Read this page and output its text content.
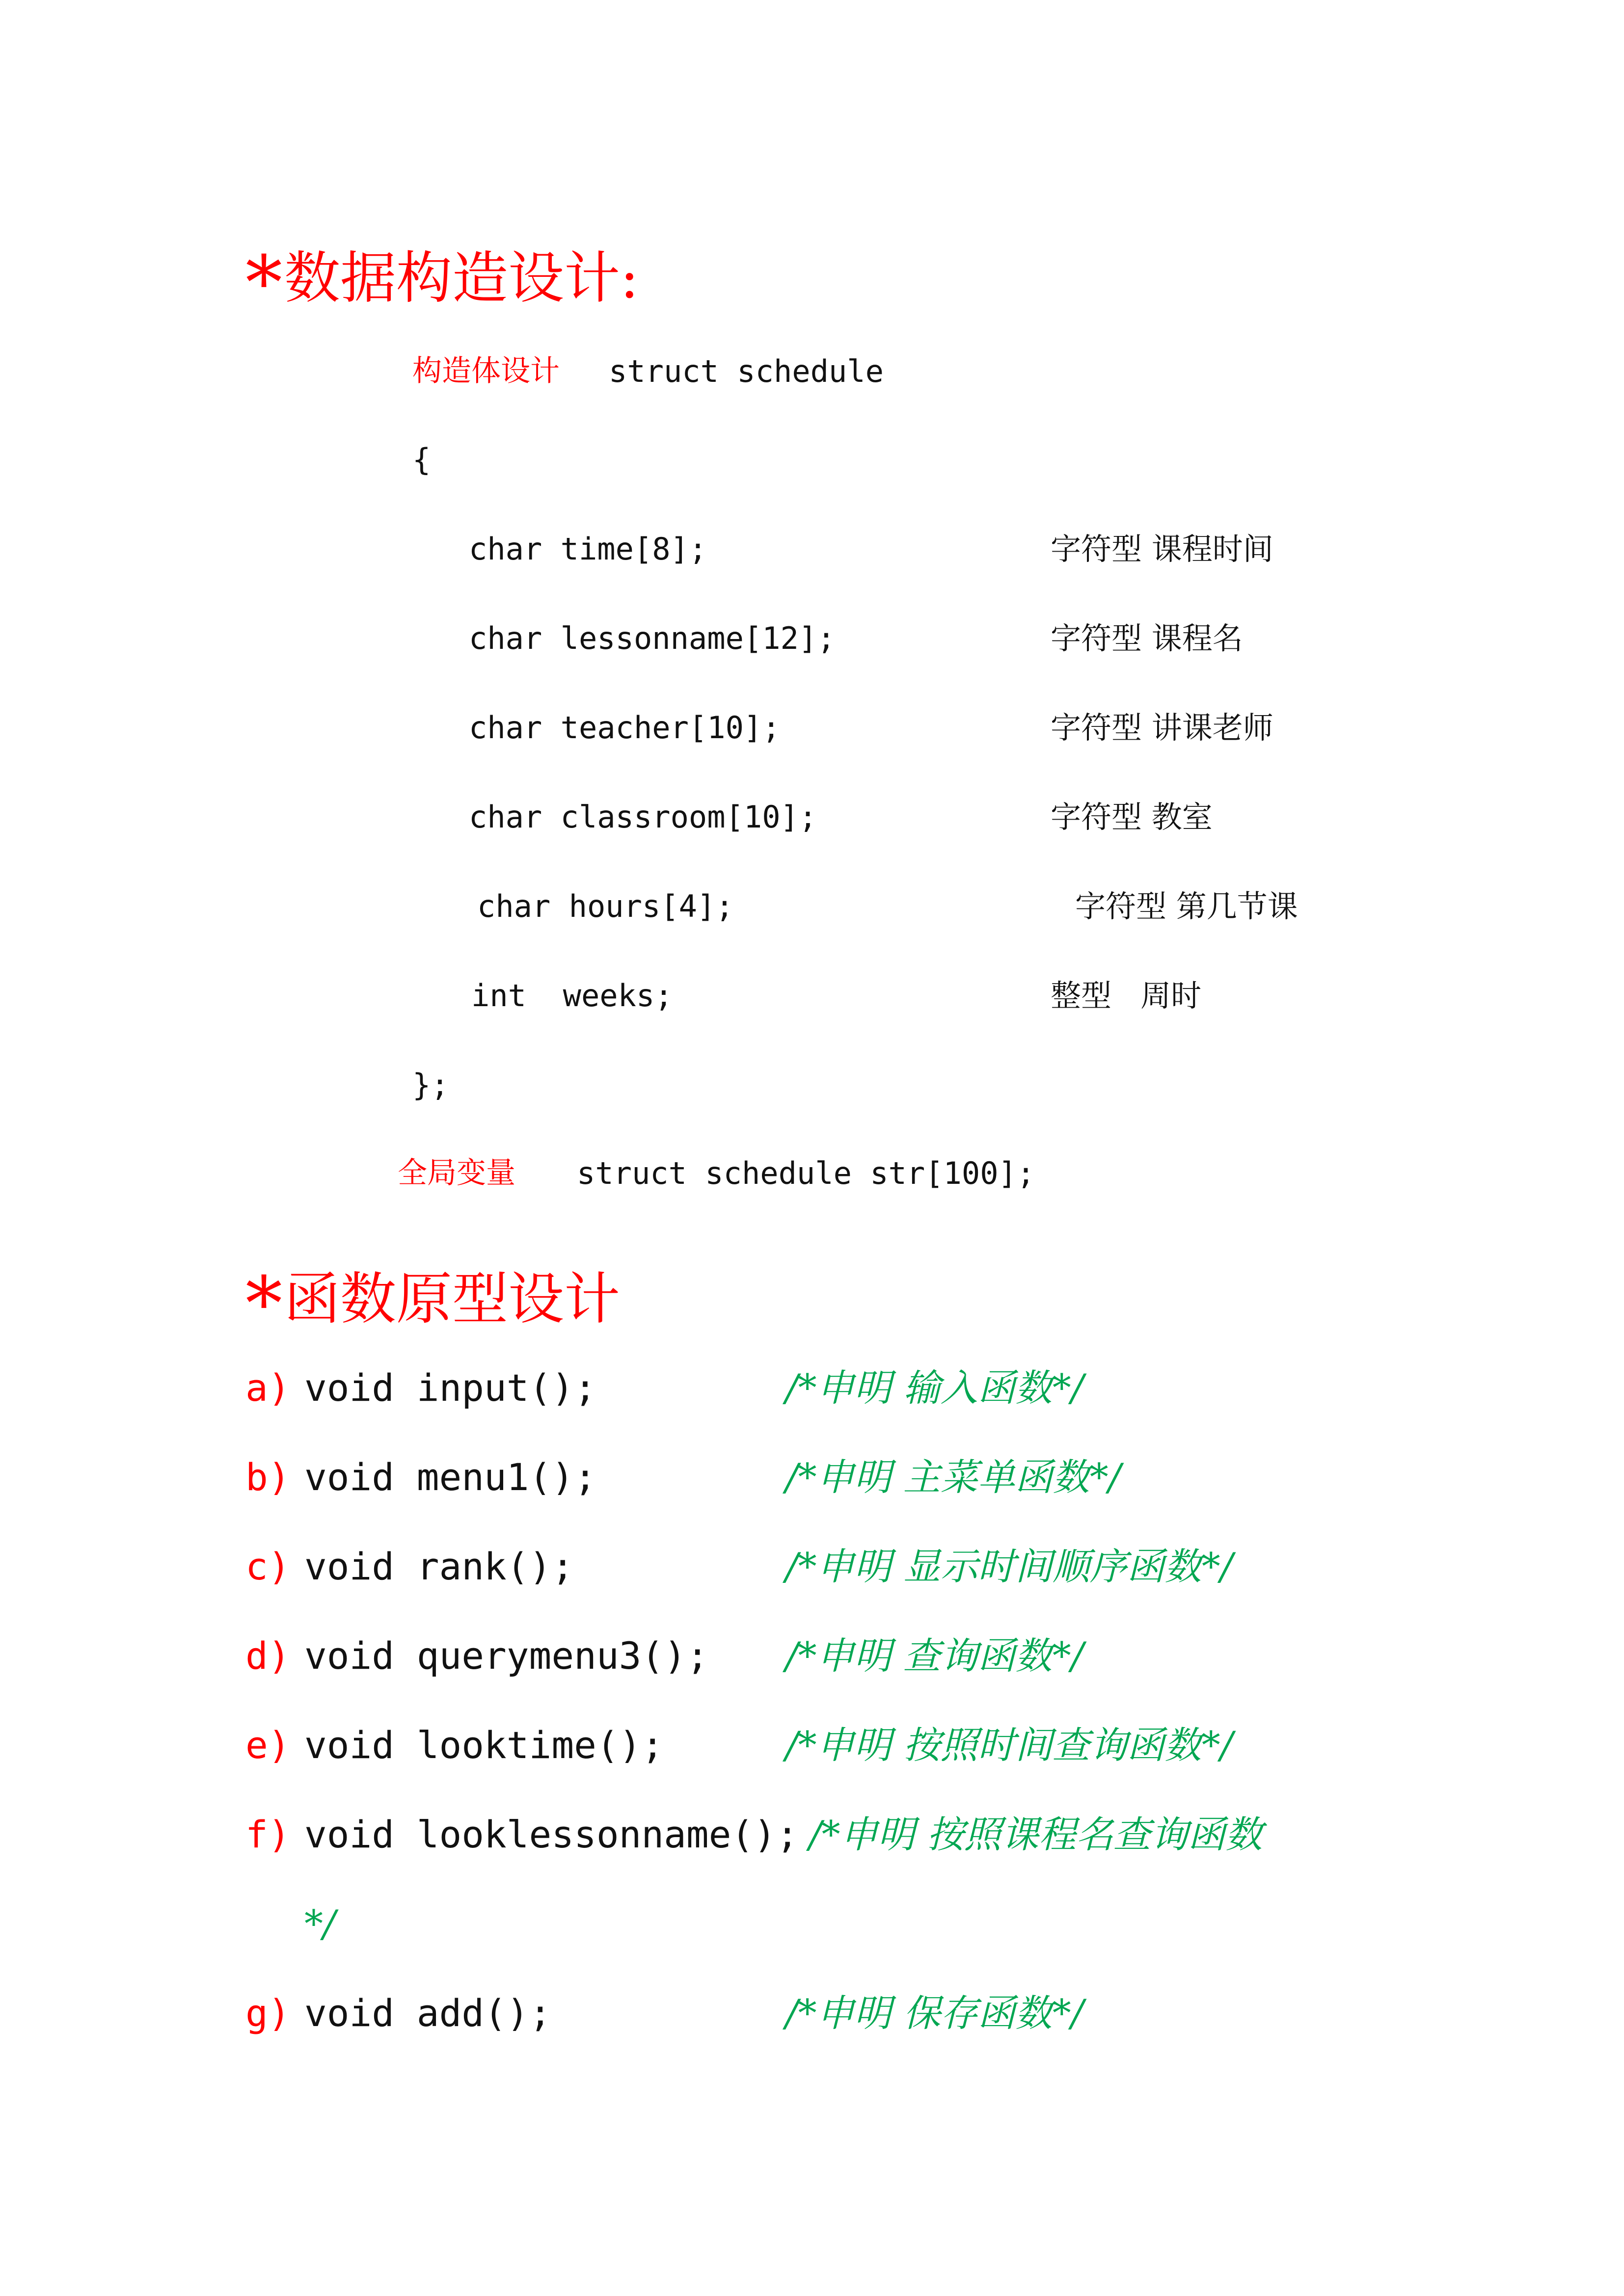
*数据构造设计:
构造体设计 struct schedule
{
char time[8];	字符型 课程时间
char lessonname[12];	字符型 课程名
char teacher[10];	字符型 讲课老师
char classroom[10];	字符型 教室
char hours[4];	字符型 第几节课
int  weeks;	整型   周时
};
全局变量 struct schedule str[100];
*函数原型设计
a) void input();	/*申明 输入函数*/
b) void menu1();	/*申明 主菜单函数*/
c) void rank();	/*申明 显示时间顺序函数*/
d) void querymenu3(); /*申明 查询函数*/
e) void looktime();	/*申明 按照时间查询函数*/
f) void looklessonname(); /*申明 按照课程名查询函数
*/
g) void add();	/*申明 保存函数*/
